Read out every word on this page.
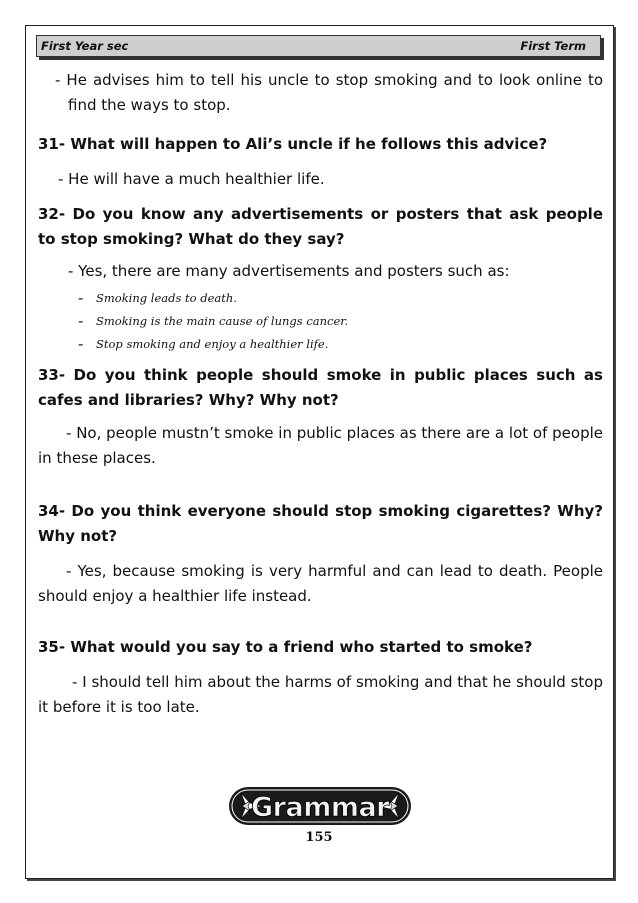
First Year sec	First Term

- He advises him to tell his uncle to stop smoking and to look online to find the ways to stop.

31- What will happen to Ali’s uncle if he follows this advice?

- He will have a much healthier life.

32- Do you know any advertisements or posters that ask people to stop smoking? What do they say?

- Yes, there are many advertisements and posters such as:

- Smoking leads to death.
- Smoking is the main cause of lungs cancer.
- Stop smoking and enjoy a healthier life.

33- Do you think people should smoke in public places such as cafes and libraries? Why? Why not?

- No, people mustn’t smoke in public places as there are a lot of people in these places.

34- Do you think everyone should stop smoking cigarettes? Why? Why not?

- Yes, because smoking is very harmful and can lead to death. People should enjoy a healthier life instead.

35- What would you say to a friend who started to smoke?

- I should tell him about the harms of smoking and that he should stop it before it is too late.

Grammar
155
